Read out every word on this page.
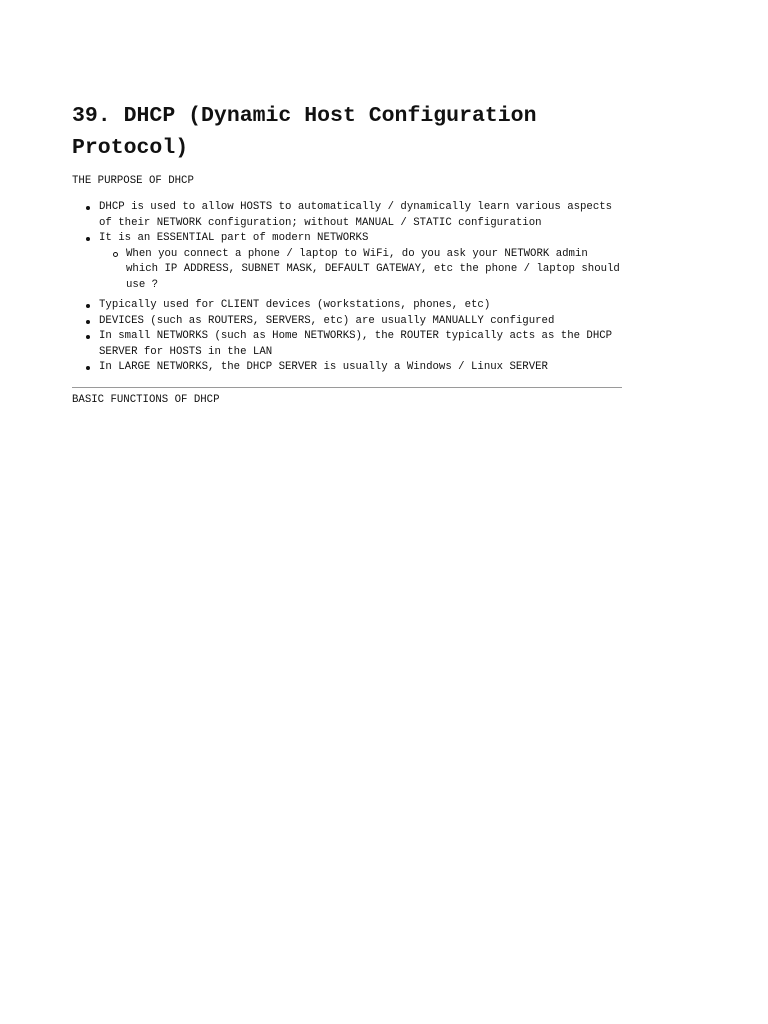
39. DHCP (Dynamic Host Configuration Protocol)
THE PURPOSE OF DHCP
DHCP is used to allow HOSTS to automatically / dynamically learn various aspects of their NETWORK configuration; without MANUAL / STATIC configuration
It is an ESSENTIAL part of modern NETWORKS
When you connect a phone / laptop to WiFi, do you ask your NETWORK admin which IP ADDRESS, SUBNET MASK, DEFAULT GATEWAY, etc the phone / laptop should use ?
Typically used for CLIENT devices (workstations, phones, etc)
DEVICES (such as ROUTERS, SERVERS, etc) are usually MANUALLY configured
In small NETWORKS (such as Home NETWORKS), the ROUTER typically acts as the DHCP SERVER for HOSTS in the LAN
In LARGE NETWORKS, the DHCP SERVER is usually a Windows / Linux SERVER
BASIC FUNCTIONS OF DHCP
